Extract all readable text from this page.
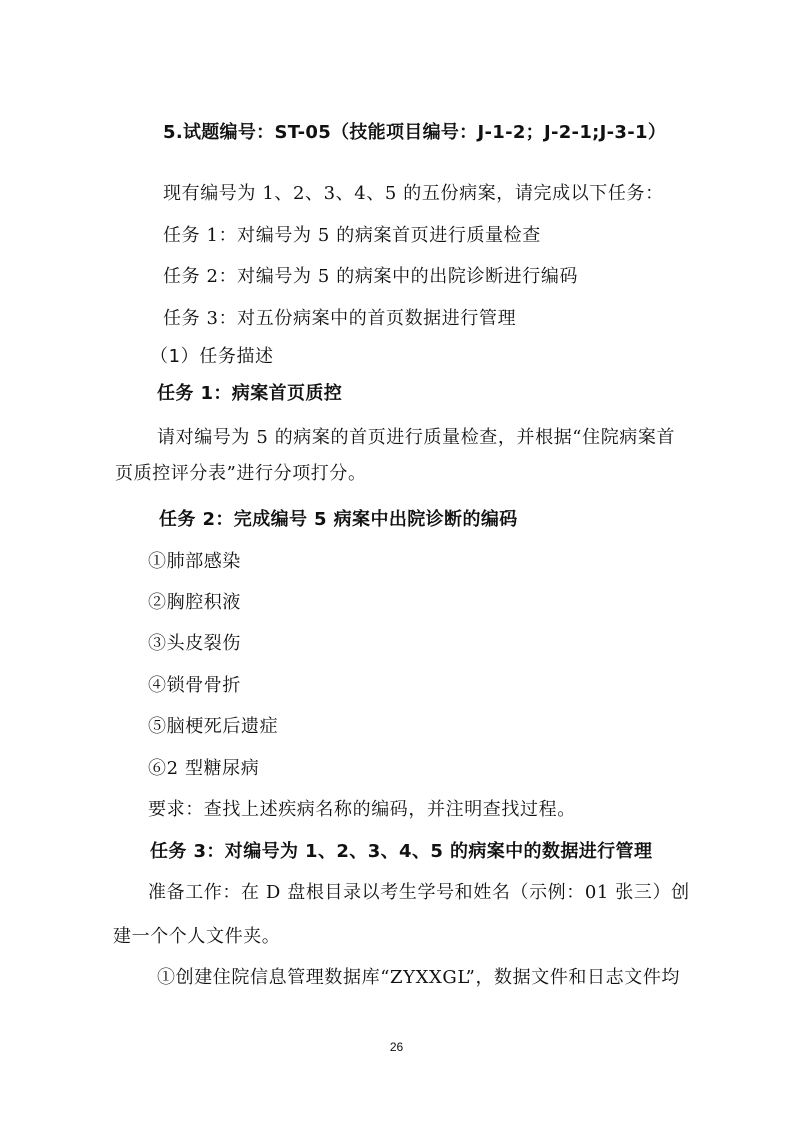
5.试题编号：ST-05（技能项目编号：J-1-2；J-2-1;J-3-1）
现有编号为 1、2、3、4、5 的五份病案，请完成以下任务：
任务 1：对编号为 5 的病案首页进行质量检查
任务 2：对编号为 5 的病案中的出院诊断进行编码
任务 3：对五份病案中的首页数据进行管理
（1）任务描述
任务 1：病案首页质控
请对编号为 5 的病案的首页进行质量检查，并根据“住院病案首
页质控评分表”进行分项打分。
任务 2：完成编号 5 病案中出院诊断的编码
①肺部感染
②胸腔积液
③头皮裂伤
④锁骨骨折
⑤脑梗死后遗症
⑥2 型糖尿病
要求：查找上述疾病名称的编码，并注明查找过程。
任务 3：对编号为 1、2、3、4、5 的病案中的数据进行管理
准备工作：在 D 盘根目录以考生学号和姓名（示例：01 张三）创
建一个个人文件夹。
①创建住院信息管理数据库“ZYXXGL”，数据文件和日志文件均
26
